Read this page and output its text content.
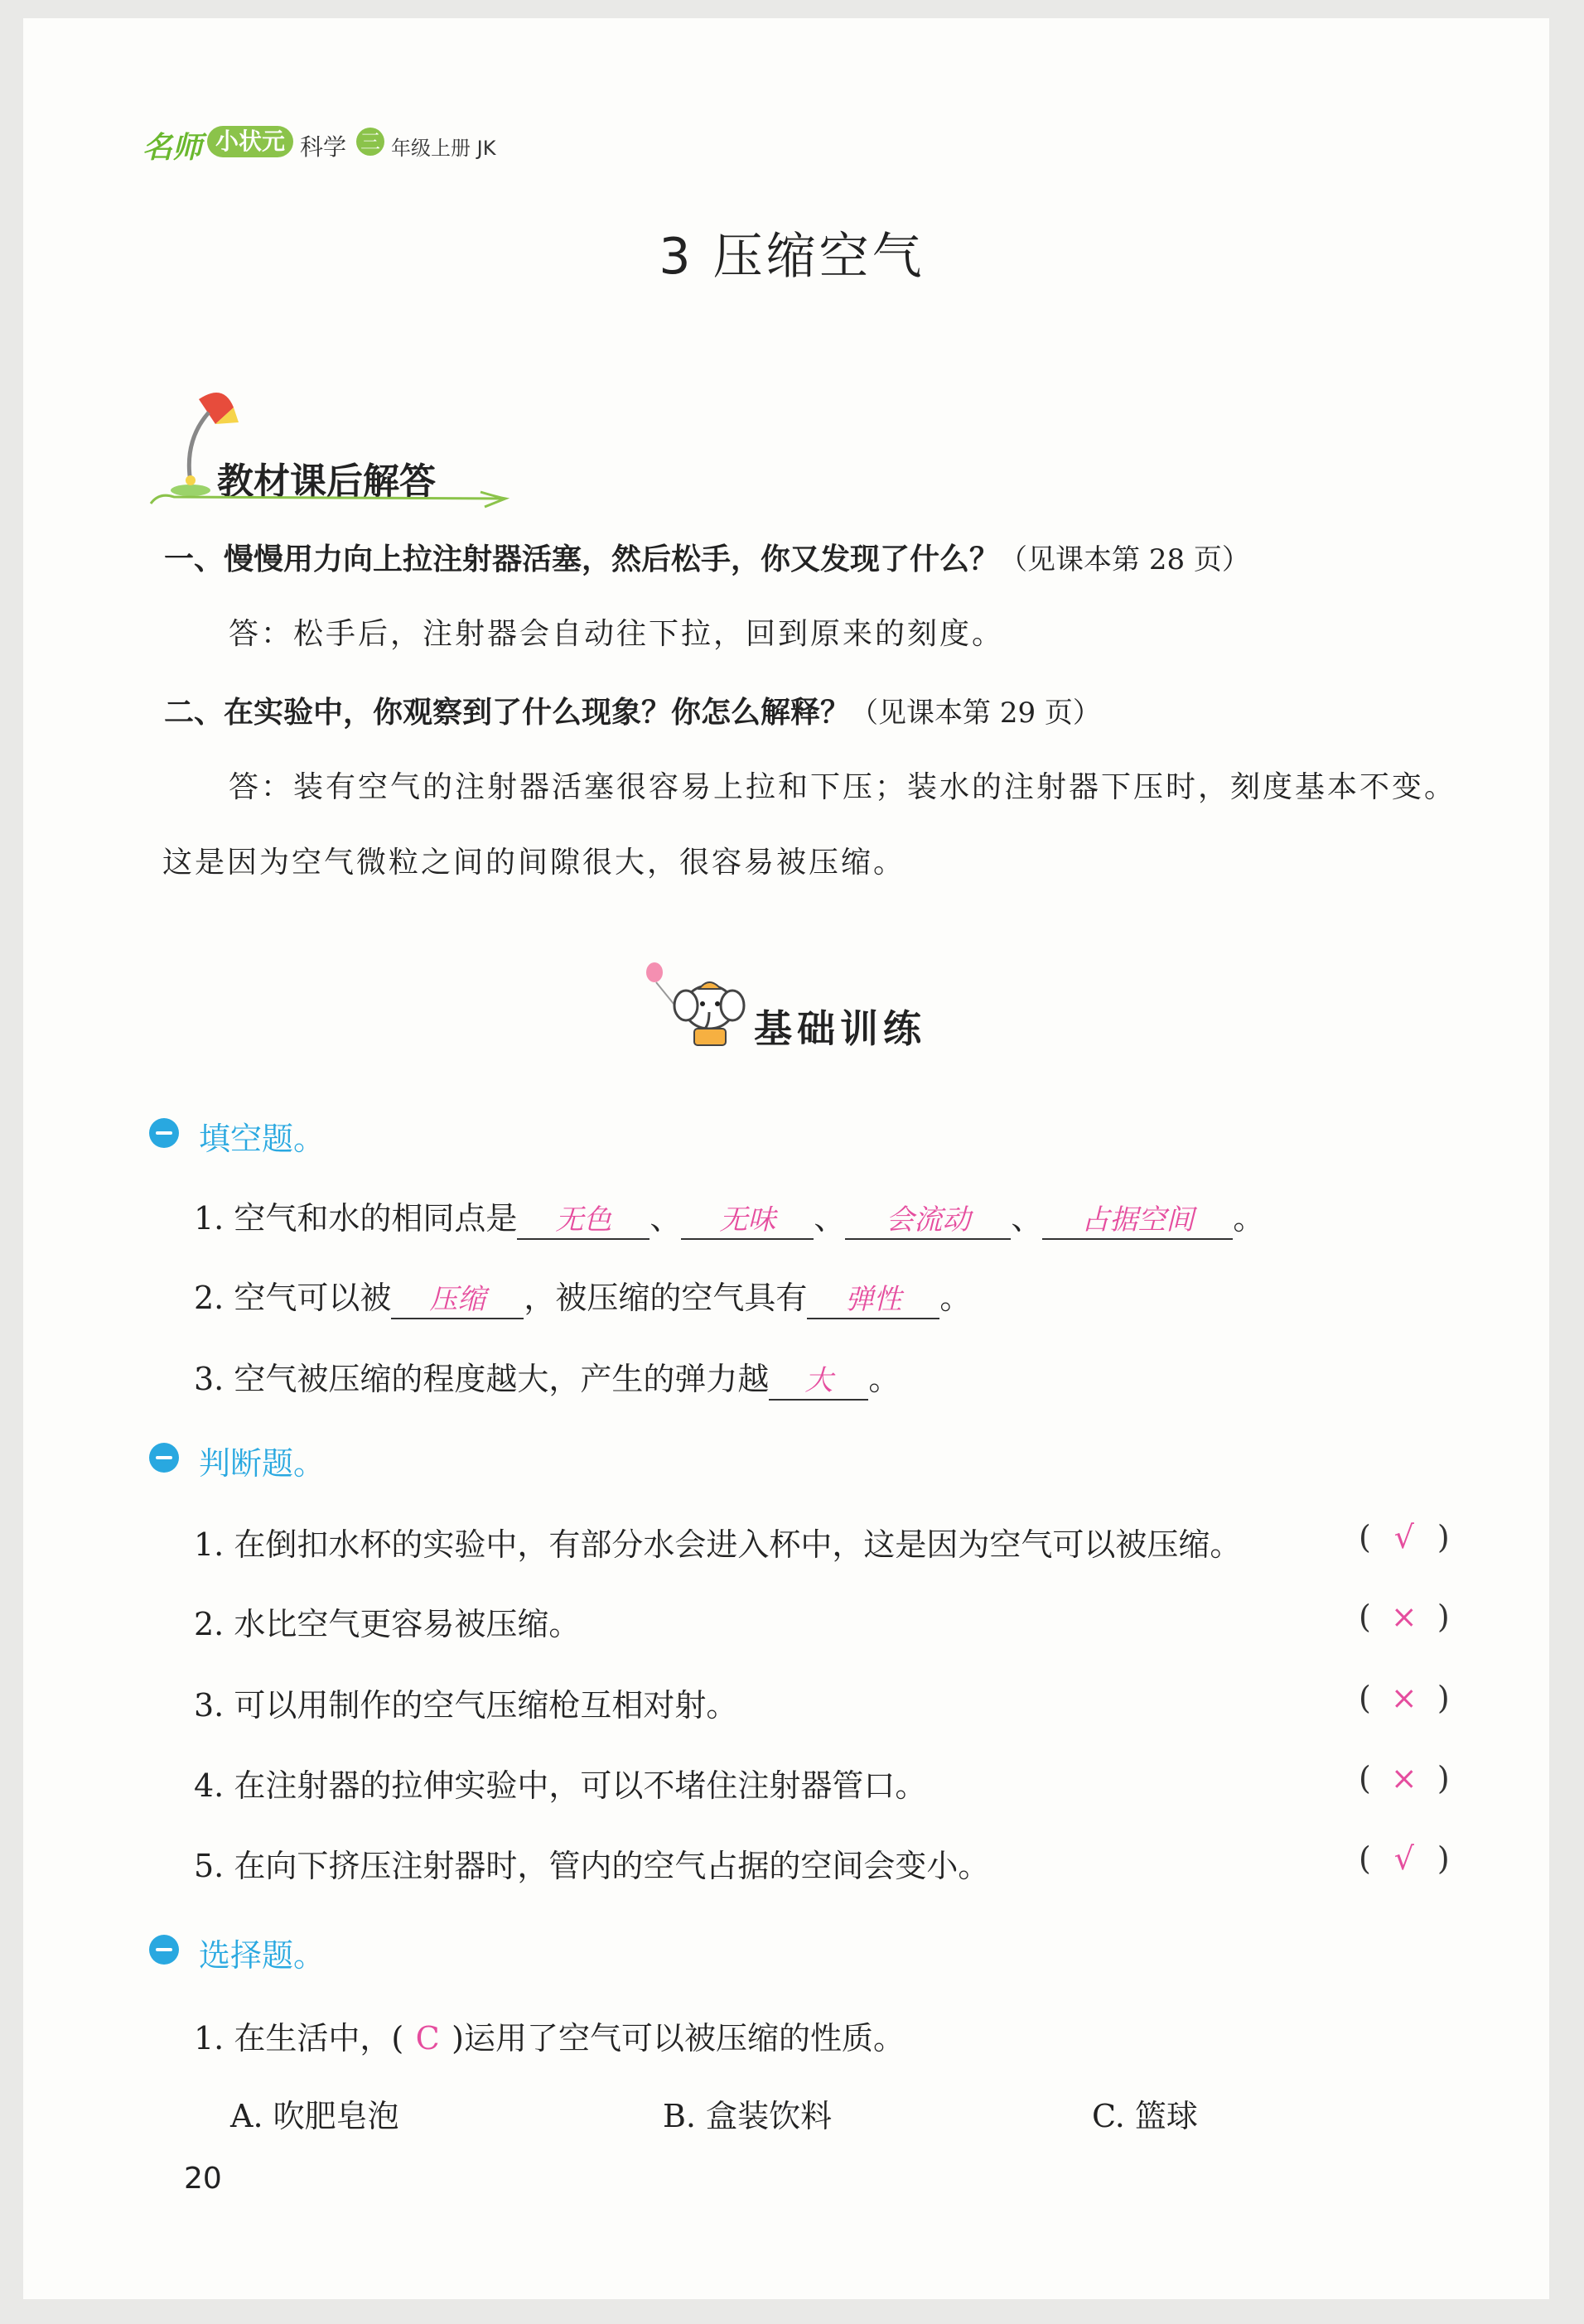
名师 小状元 科学 三 年级上册 JK
3 压缩空气
教材课后解答
一、慢慢用力向上拉注射器活塞，然后松手，你又发现了什么？（见课本第 28 页）
答：松手后，注射器会自动往下拉，回到原来的刻度。
二、在实验中，你观察到了什么现象？你怎么解释？（见课本第 29 页）
答：装有空气的注射器活塞很容易上拉和下压；装水的注射器下压时，刻度基本不变。
这是因为空气微粒之间的间隙很大，很容易被压缩。
基础训练
填空题。
1. 空气和水的相同点是 无色 、 无味 、 会流动 、 占据空间 。
2. 空气可以被 压缩 ，被压缩的空气具有 弹性 。
3. 空气被压缩的程度越大，产生的弹力越 大 。
判断题。
1. 在倒扣水杯的实验中，有部分水会进入杯中，这是因为空气可以被压缩。	( √ )
2. 水比空气更容易被压缩。	( × )
3. 可以用制作的空气压缩枪互相对射。	( × )
4. 在注射器的拉伸实验中，可以不堵住注射器管口。	( × )
5. 在向下挤压注射器时，管内的空气占据的空间会变小。	( √ )
选择题。
1. 在生活中，( C )运用了空气可以被压缩的性质。
A. 吹肥皂泡	B. 盒装饮料	C. 篮球
20
